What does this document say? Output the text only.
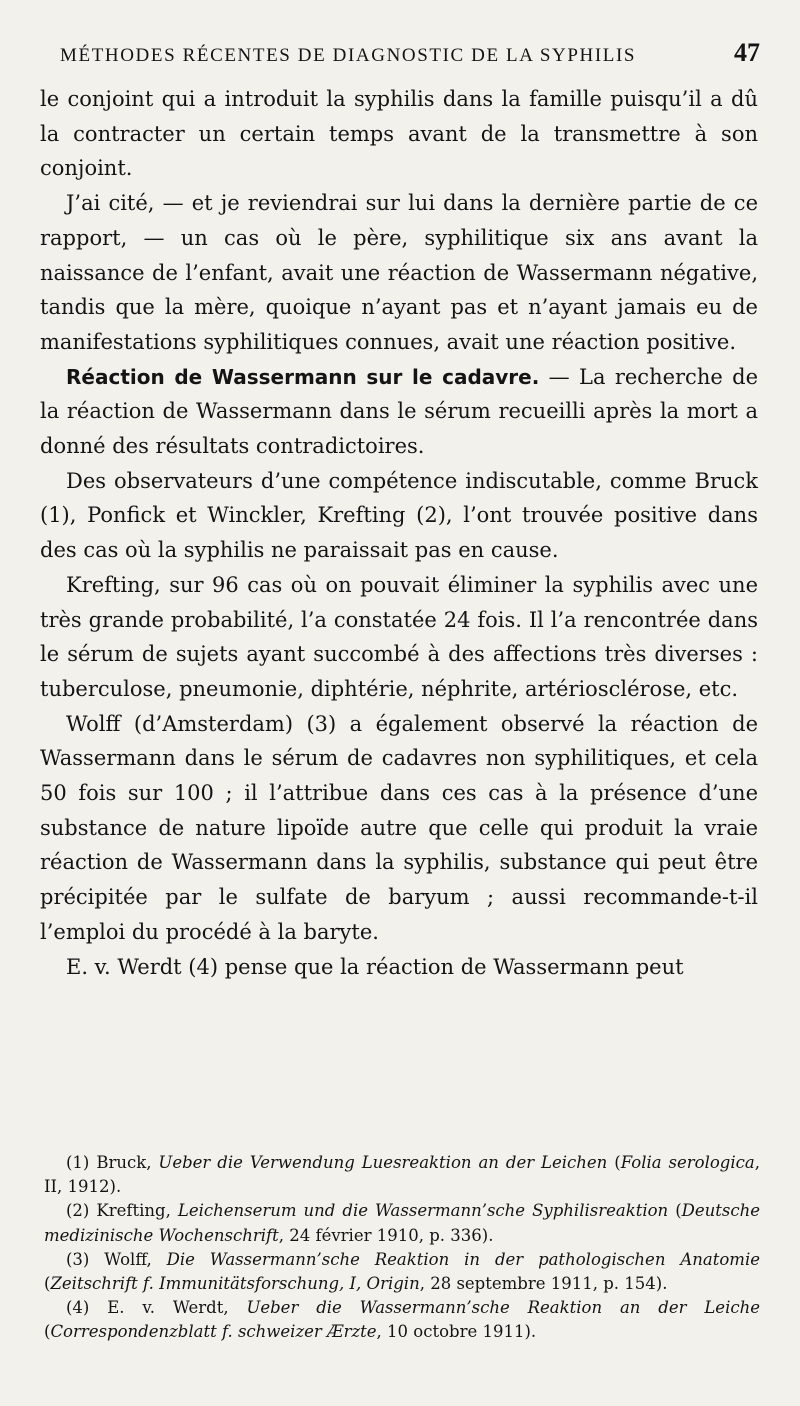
MÉTHODES RÉCENTES DE DIAGNOSTIC DE LA SYPHILIS	47

le conjoint qui a introduit la syphilis dans la famille puisqu’il a dû la contracter un certain temps avant de la transmettre à son conjoint.

J’ai cité, — et je reviendrai sur lui dans la dernière partie de ce rapport, — un cas où le père, syphilitique six ans avant la naissance de l’enfant, avait une réaction de Wassermann négative, tandis que la mère, quoique n’ayant pas et n’ayant jamais eu de manifestations syphilitiques connues, avait une réaction positive.

Réaction de Wassermann sur le cadavre. — La recherche de la réaction de Wassermann dans le sérum recueilli après la mort a donné des résultats contradictoires.

Des observateurs d’une compétence indiscutable, comme Bruck (1), Ponfick et Winckler, Krefting (2), l’ont trouvée positive dans des cas où la syphilis ne paraissait pas en cause.

Krefting, sur 96 cas où on pouvait éliminer la syphilis avec une très grande probabilité, l’a constatée 24 fois. Il l’a rencontrée dans le sérum de sujets ayant succombé à des affections très diverses : tuberculose, pneumonie, diphtérie, néphrite, artériosclérose, etc.

Wolff (d’Amsterdam) (3) a également observé la réaction de Wassermann dans le sérum de cadavres non syphilitiques, et cela 50 fois sur 100 ; il l’attribue dans ces cas à la présence d’une substance de nature lipoïde autre que celle qui produit la vraie réaction de Wassermann dans la syphilis, substance qui peut être précipitée par le sulfate de baryum ; aussi recommande-t-il l’emploi du procédé à la baryte.

E. v. Werdt (4) pense que la réaction de Wassermann peut

(1) Bruck, Ueber die Verwendung Luesreaktion an der Leichen (Folia serologica, II, 1912).

(2) Krefting, Leichenserum und die Wassermann’sche Syphilisreaktion (Deutsche medizinische Wochenschrift, 24 février 1910, p. 336).

(3) Wolff, Die Wassermann’sche Reaktion in der pathologischen Anatomie (Zeitschrift f. Immunitätsforschung, I, Origin, 28 septembre 1911, p. 154).

(4) E. v. Werdt, Ueber die Wassermann’sche Reaktion an der Leiche (Correspondenzblatt f. schweizer Ærzte, 10 octobre 1911).
